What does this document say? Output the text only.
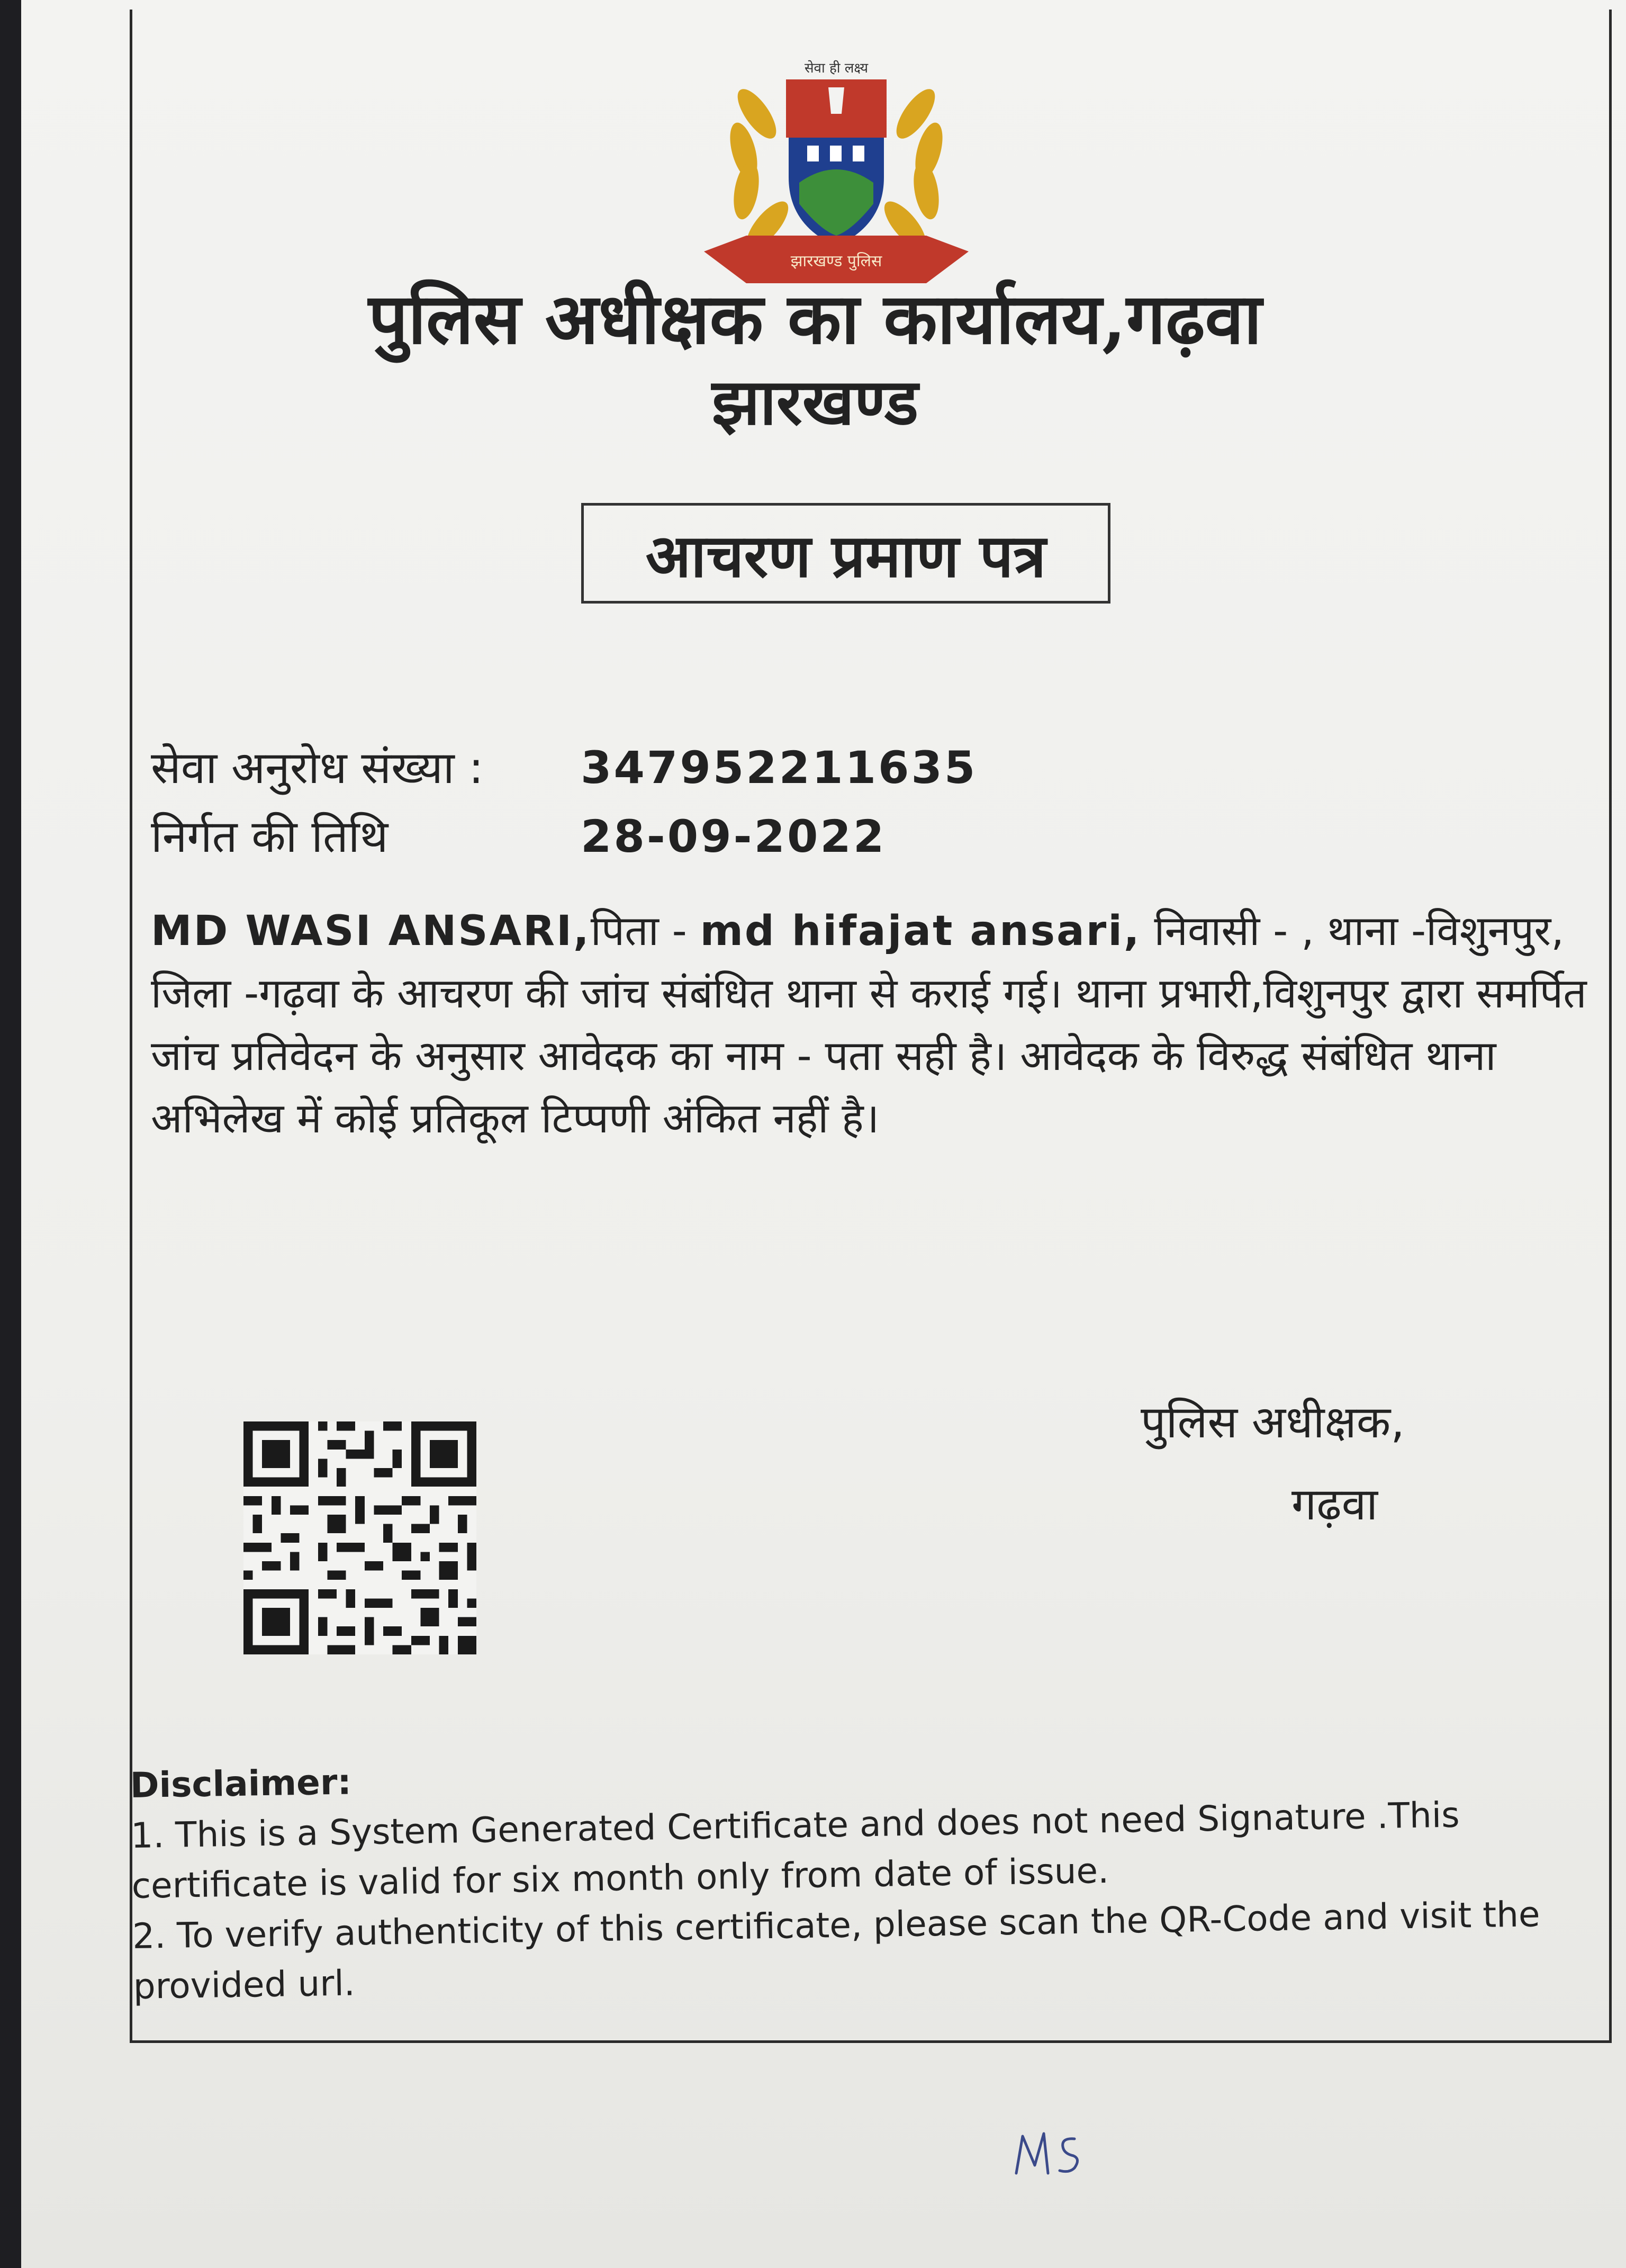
सेवा ही लक्ष्य
झारखण्ड पुलिस
पुलिस अधीक्षक का कार्यालय,गढ़वा
झारखण्ड
आचरण प्रमाण पत्र
सेवा अनुरोध संख्या : 347952211635
निर्गत की तिथि	28-09-2022
MD WASI ANSARI,पिता - md hifajat ansari, निवासी - , थाना -विशुनपुर, जिला -गढ़वा के आचरण की जांच संबंधित थाना से कराई गई। थाना प्रभारी,विशुनपुर द्वारा समर्पित जांच प्रतिवेदन के अनुसार आवेदक का नाम - पता सही है। आवेदक के विरुद्ध संबंधित थाना अभिलेख में कोई प्रतिकूल टिप्पणी अंकित नहीं है।
पुलिस अधीक्षक,
गढ़वा
Disclaimer:
1. This is a System Generated Certificate and does not need Signature .This certificate is valid for six month only from date of issue.
2. To verify authenticity of this certificate, please scan the QR-Code and visit the provided url.
